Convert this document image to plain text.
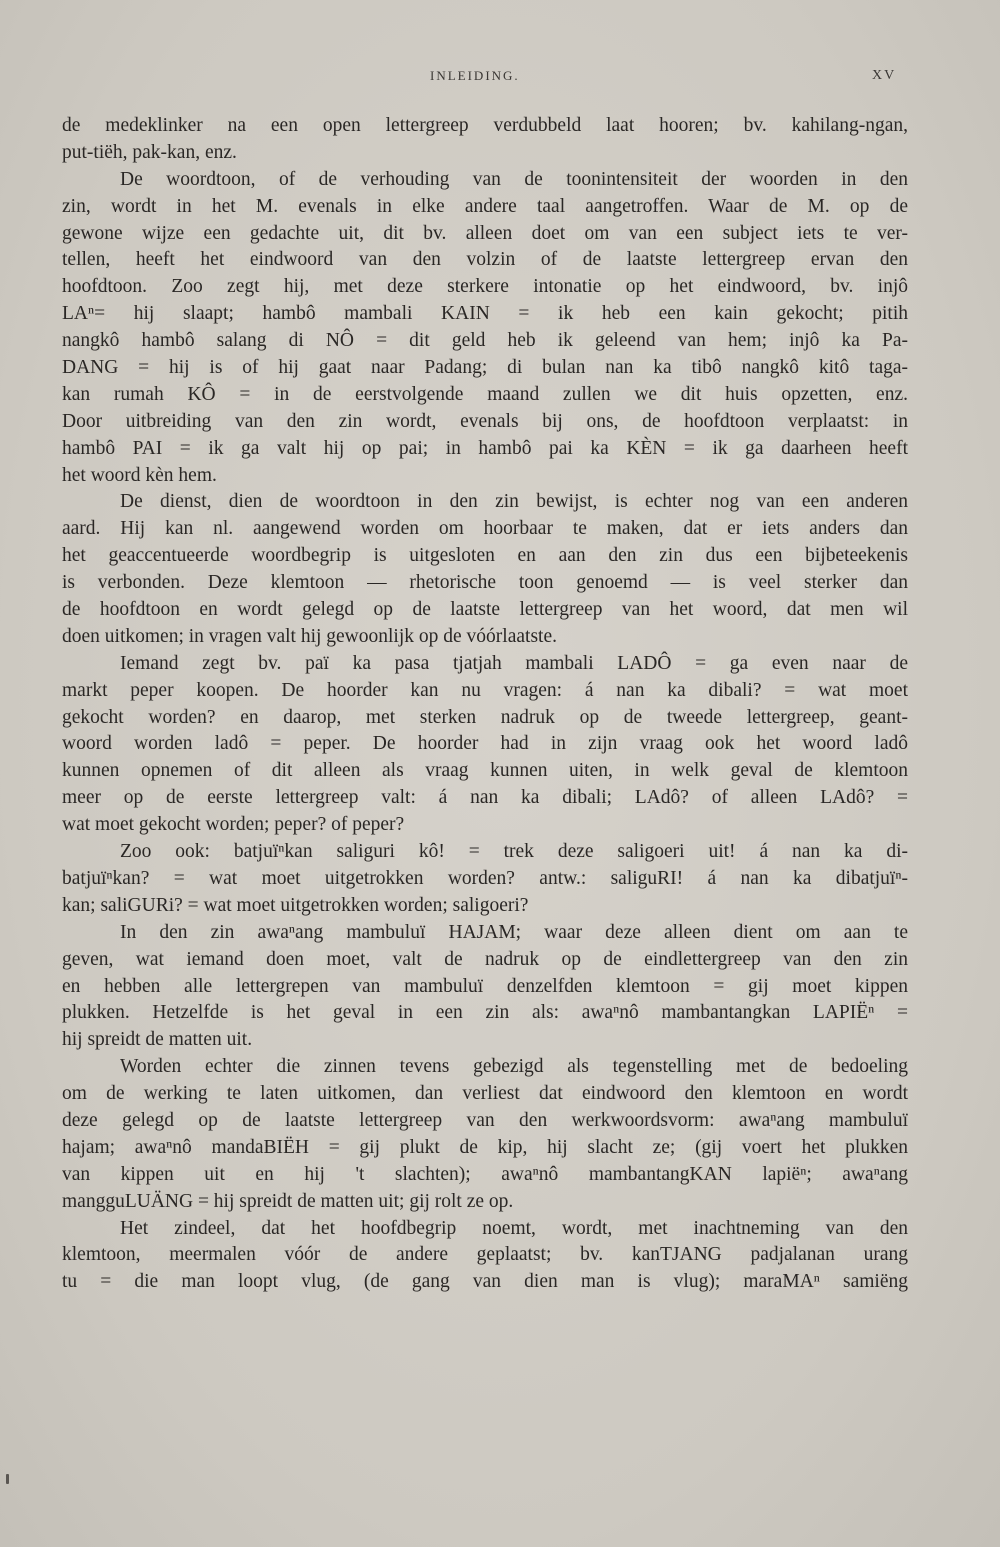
INLEIDING.	XV
de medeklinker na een open lettergreep verdubbeld laat hooren; bv. kahilang-ngan,
put-tiëh, pak-kan, enz.
De woordtoon, of de verhouding van de toonintensiteit der woorden in den
zin, wordt in het M. evenals in elke andere taal aangetroffen. Waar de M. op de
gewone wijze een gedachte uit, dit bv. alleen doet om van een subject iets te ver-
tellen, heeft het eindwoord van den volzin of de laatste lettergreep ervan den
hoofdtoon. Zoo zegt hij, met deze sterkere intonatie op het eindwoord, bv. injô
LAⁿ= hij slaapt; hambô mambali KAIN = ik heb een kain gekocht; pitih
nangkô hambô salang di NÔ = dit geld heb ik geleend van hem; injô ka Pa-
DANG = hij is of hij gaat naar Padang; di bulan nan ka tibô nangkô kitô taga-
kan rumah KÔ = in de eerstvolgende maand zullen we dit huis opzetten, enz.
Door uitbreiding van den zin wordt, evenals bij ons, de hoofdtoon verplaatst: in
hambô PAI = ik ga valt hij op pai; in hambô pai ka KÈN = ik ga daarheen heeft
het woord kèn hem.
De dienst, dien de woordtoon in den zin bewijst, is echter nog van een anderen
aard. Hij kan nl. aangewend worden om hoorbaar te maken, dat er iets anders dan
het geaccentueerde woordbegrip is uitgesloten en aan den zin dus een bijbeteekenis
is verbonden. Deze klemtoon — rhetorische toon genoemd — is veel sterker dan
de hoofdtoon en wordt gelegd op de laatste lettergreep van het woord, dat men wil
doen uitkomen; in vragen valt hij gewoonlijk op de vóórlaatste.
Iemand zegt bv. paï ka pasa tjatjah mambali LADÔ = ga even naar de
markt peper koopen. De hoorder kan nu vragen: á nan ka dibali? = wat moet
gekocht worden? en daarop, met sterken nadruk op de tweede lettergreep, geant-
woord worden ladô = peper. De hoorder had in zijn vraag ook het woord ladô
kunnen opnemen of dit alleen als vraag kunnen uiten, in welk geval de klemtoon
meer op de eerste lettergreep valt: á nan ka dibali; LAdô? of alleen LAdô? =
wat moet gekocht worden; peper? of peper?
Zoo ook: batjuïⁿkan saliguri kô! = trek deze saligoeri uit! á nan ka di-
batjuïⁿkan? = wat moet uitgetrokken worden? antw.: saliguRI! á nan ka dibatjuïⁿ-
kan; saliGURi? = wat moet uitgetrokken worden; saligoeri?
In den zin awaⁿang mambuluï HAJAM; waar deze alleen dient om aan te
geven, wat iemand doen moet, valt de nadruk op de eindlettergreep van den zin
en hebben alle lettergrepen van mambuluï denzelfden klemtoon = gij moet kippen
plukken. Hetzelfde is het geval in een zin als: awaⁿnô mambantangkan LAPIËⁿ =
hij spreidt de matten uit.
Worden echter die zinnen tevens gebezigd als tegenstelling met de bedoeling
om de werking te laten uitkomen, dan verliest dat eindwoord den klemtoon en wordt
deze gelegd op de laatste lettergreep van den werkwoordsvorm: awaⁿang mambuluï
hajam; awaⁿnô mandaBIËH = gij plukt de kip, hij slacht ze; (gij voert het plukken
van kippen uit en hij 't slachten); awaⁿnô mambantangKAN lapiëⁿ; awaⁿang
mangguLUÄNG = hij spreidt de matten uit; gij rolt ze op.
Het zindeel, dat het hoofdbegrip noemt, wordt, met inachtneming van den
klemtoon, meermalen vóór de andere geplaatst; bv. kanTJANG padjalanan urang
tu = die man loopt vlug, (de gang van dien man is vlug); maraMAⁿ samiëng
